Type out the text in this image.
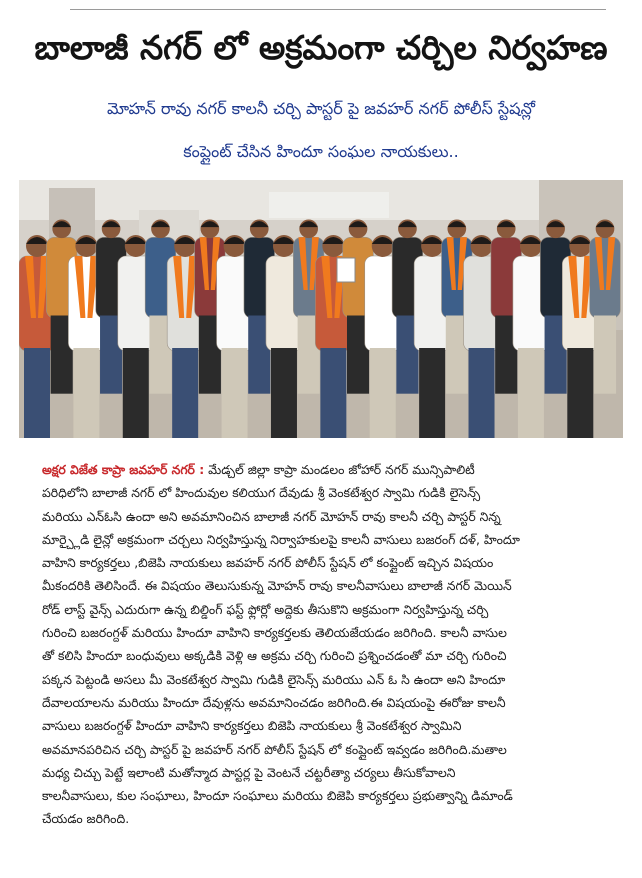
బాలాజీ నగర్ లో అక్రమంగా చర్చిల నిర్వహణ
మోహన్ రావు నగర్ కాలనీ చర్చి పాస్టర్ పై జవహర్ నగర్ పోలీస్ స్టేషన్లో
కంప్లైంట్ చేసిన హిందూ సంఘల నాయకులు..
అక్షర విజేత కాప్రా జవహర్ నగర్ : మేడ్చల్ జిల్లా కాప్రా మండలం జోహార్ నగర్ మున్సిపాలిటీ
పరిధిలోని బాలాజీ నగర్ లో హిందువుల కలియుగ దేవుడు శ్రీ వెంకటేశ్వర స్వామి గుడికి లైసెన్స్
మరియు ఎన్ఓసి ఉందా అని అవమానించిన బాలాజీ నగర్ మోహన్ రావు కాలనీ చర్చి పాస్టర్ నిన్న
మార్చ్లైడి లైన్లో అక్రమంగా చర్చలు నిర్వహిస్తున్న నిర్వాహకులపై కాలనీ వాసులు బజరంగ్ దళ్, హిందూ
వాహిని కార్యకర్తలు ,బిజెపి నాయకులు జవహర్ నగర్ పోలీస్ స్టేషన్ లో కంప్లైంట్ ఇచ్చిన విషయం
మీకందరికి తెలిసిందే. ఈ విషయం తెలుసుకున్న మోహన్ రావు కాలనీవాసులు బాలాజీ నగర్ మెయిన్
రోడ్ లాస్ట్ వైన్స్ ఎదురుగా ఉన్న బిల్డింగ్ ఫస్ట్ ఫ్లోర్లో అద్దెకు తీసుకొని అక్రమంగా నిర్వహిస్తున్న చర్చి
గురించి బజరంగ్దళ్ మరియు హిందూ వాహిని కార్యకర్తలకు తెలియజేయడం జరిగింది. కాలనీ వాసుల
తో కలిసి హిందూ బంధువులు అక్కడికి వెళ్లి ఆ అక్రమ చర్చి గురించి ప్రశ్నించడంతో మా చర్చి గురించి
పక్కన పెట్టండి అసలు మీ వెంకటేశ్వర స్వామి గుడికి లైసెన్స్ మరియు ఎన్ ఓ సి ఉందా అని హిందూ
దేవాలయాలను మరియు హిందూ దేవుళ్లను అవమానించడం జరిగింది.ఈ విషయంపై ఈరోజు కాలనీ
వాసులు బజరంగ్దళ్ హిందూ వాహిని కార్యకర్తలు బిజెపి నాయకులు శ్రీ వెంకటేశ్వర స్వామిని
అవమానపరిచిన చర్చి పాస్టర్ పై జవహర్ నగర్ పోలీస్ స్టేషన్ లో కంప్లైంట్ ఇవ్వడం జరిగింది.మతాల
మధ్య చిచ్చు పెట్టే ఇలాంటి మతోన్మాద పాస్టర్ల పై వెంటనే చట్టరీత్యా చర్యలు తీసుకోవాలని
కాలనీవాసులు, కుల సంఘాలు, హిందూ సంఘాలు మరియు బిజెపి కార్యకర్తలు ప్రభుత్వాన్ని డిమాండ్
చేయడం జరిగింది.
